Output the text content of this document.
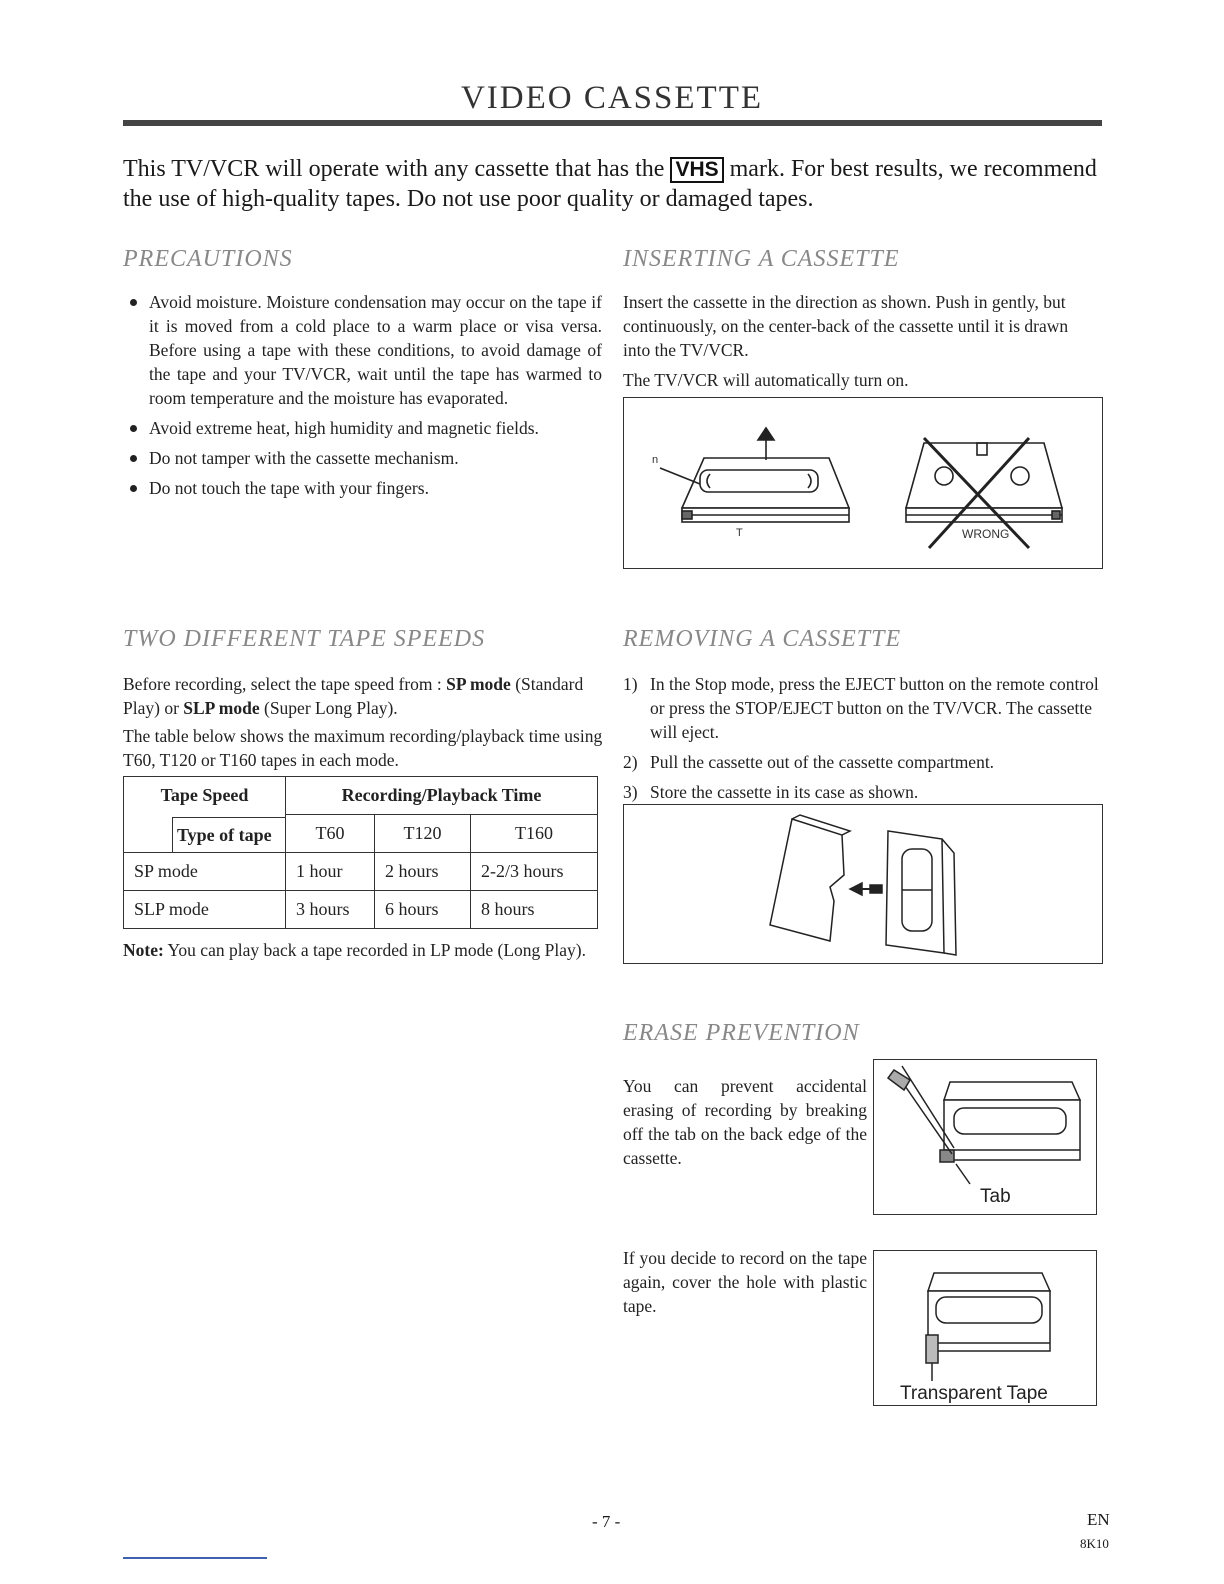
VIDEO CASSETTE
This TV/VCR will operate with any cassette that has the VHS mark. For best results, we recommend the use of high-quality tapes. Do not use poor quality or damaged tapes.
PRECAUTIONS
Avoid moisture. Moisture condensation may occur on the tape if it is moved from a cold place to a warm place or visa versa. Before using a tape with these conditions, to avoid damage of the tape and your TV/VCR, wait until the tape has warmed to room temperature and the moisture has evaporated.
Avoid extreme heat, high humidity and magnetic fields.
Do not tamper with the cassette mechanism.
Do not touch the tape with your fingers.
INSERTING A CASSETTE
Insert the cassette in the direction as shown. Push in gently, but continuously, on the center-back of the cassette until it is drawn into the TV/VCR.
The TV/VCR will automatically turn on.
n
T	WRONG
TWO DIFFERENT TAPE SPEEDS
Before recording, select the tape speed from : SP mode (Standard Play) or SLP mode (Super Long Play).
The table below shows the maximum recording/playback time using T60, T120 or T160 tapes in each mode.
Tape Speed	Recording/Playback Time		

Type of tape	T60	T120	T160
SP mode	1 hour	2 hours	2-2/3 hours
SLP mode	3 hours	6 hours	8 hours
Note: You can play back a tape recorded in LP mode (Long Play).
REMOVING A CASSETTE
1) In the Stop mode, press the EJECT button on the remote control or press the STOP/EJECT button on the TV/VCR. The cassette will eject.
2) Pull the cassette out of the cassette compartment.
3) Store the cassette in its case as shown.
ERASE PREVENTION
You can prevent accidental erasing of recording by breaking off the tab on the back edge of the cassette.
Tab
If you decide to record on the tape again, cover the hole with plastic tape.
Transparent Tape
- 7 -	EN
8K10
